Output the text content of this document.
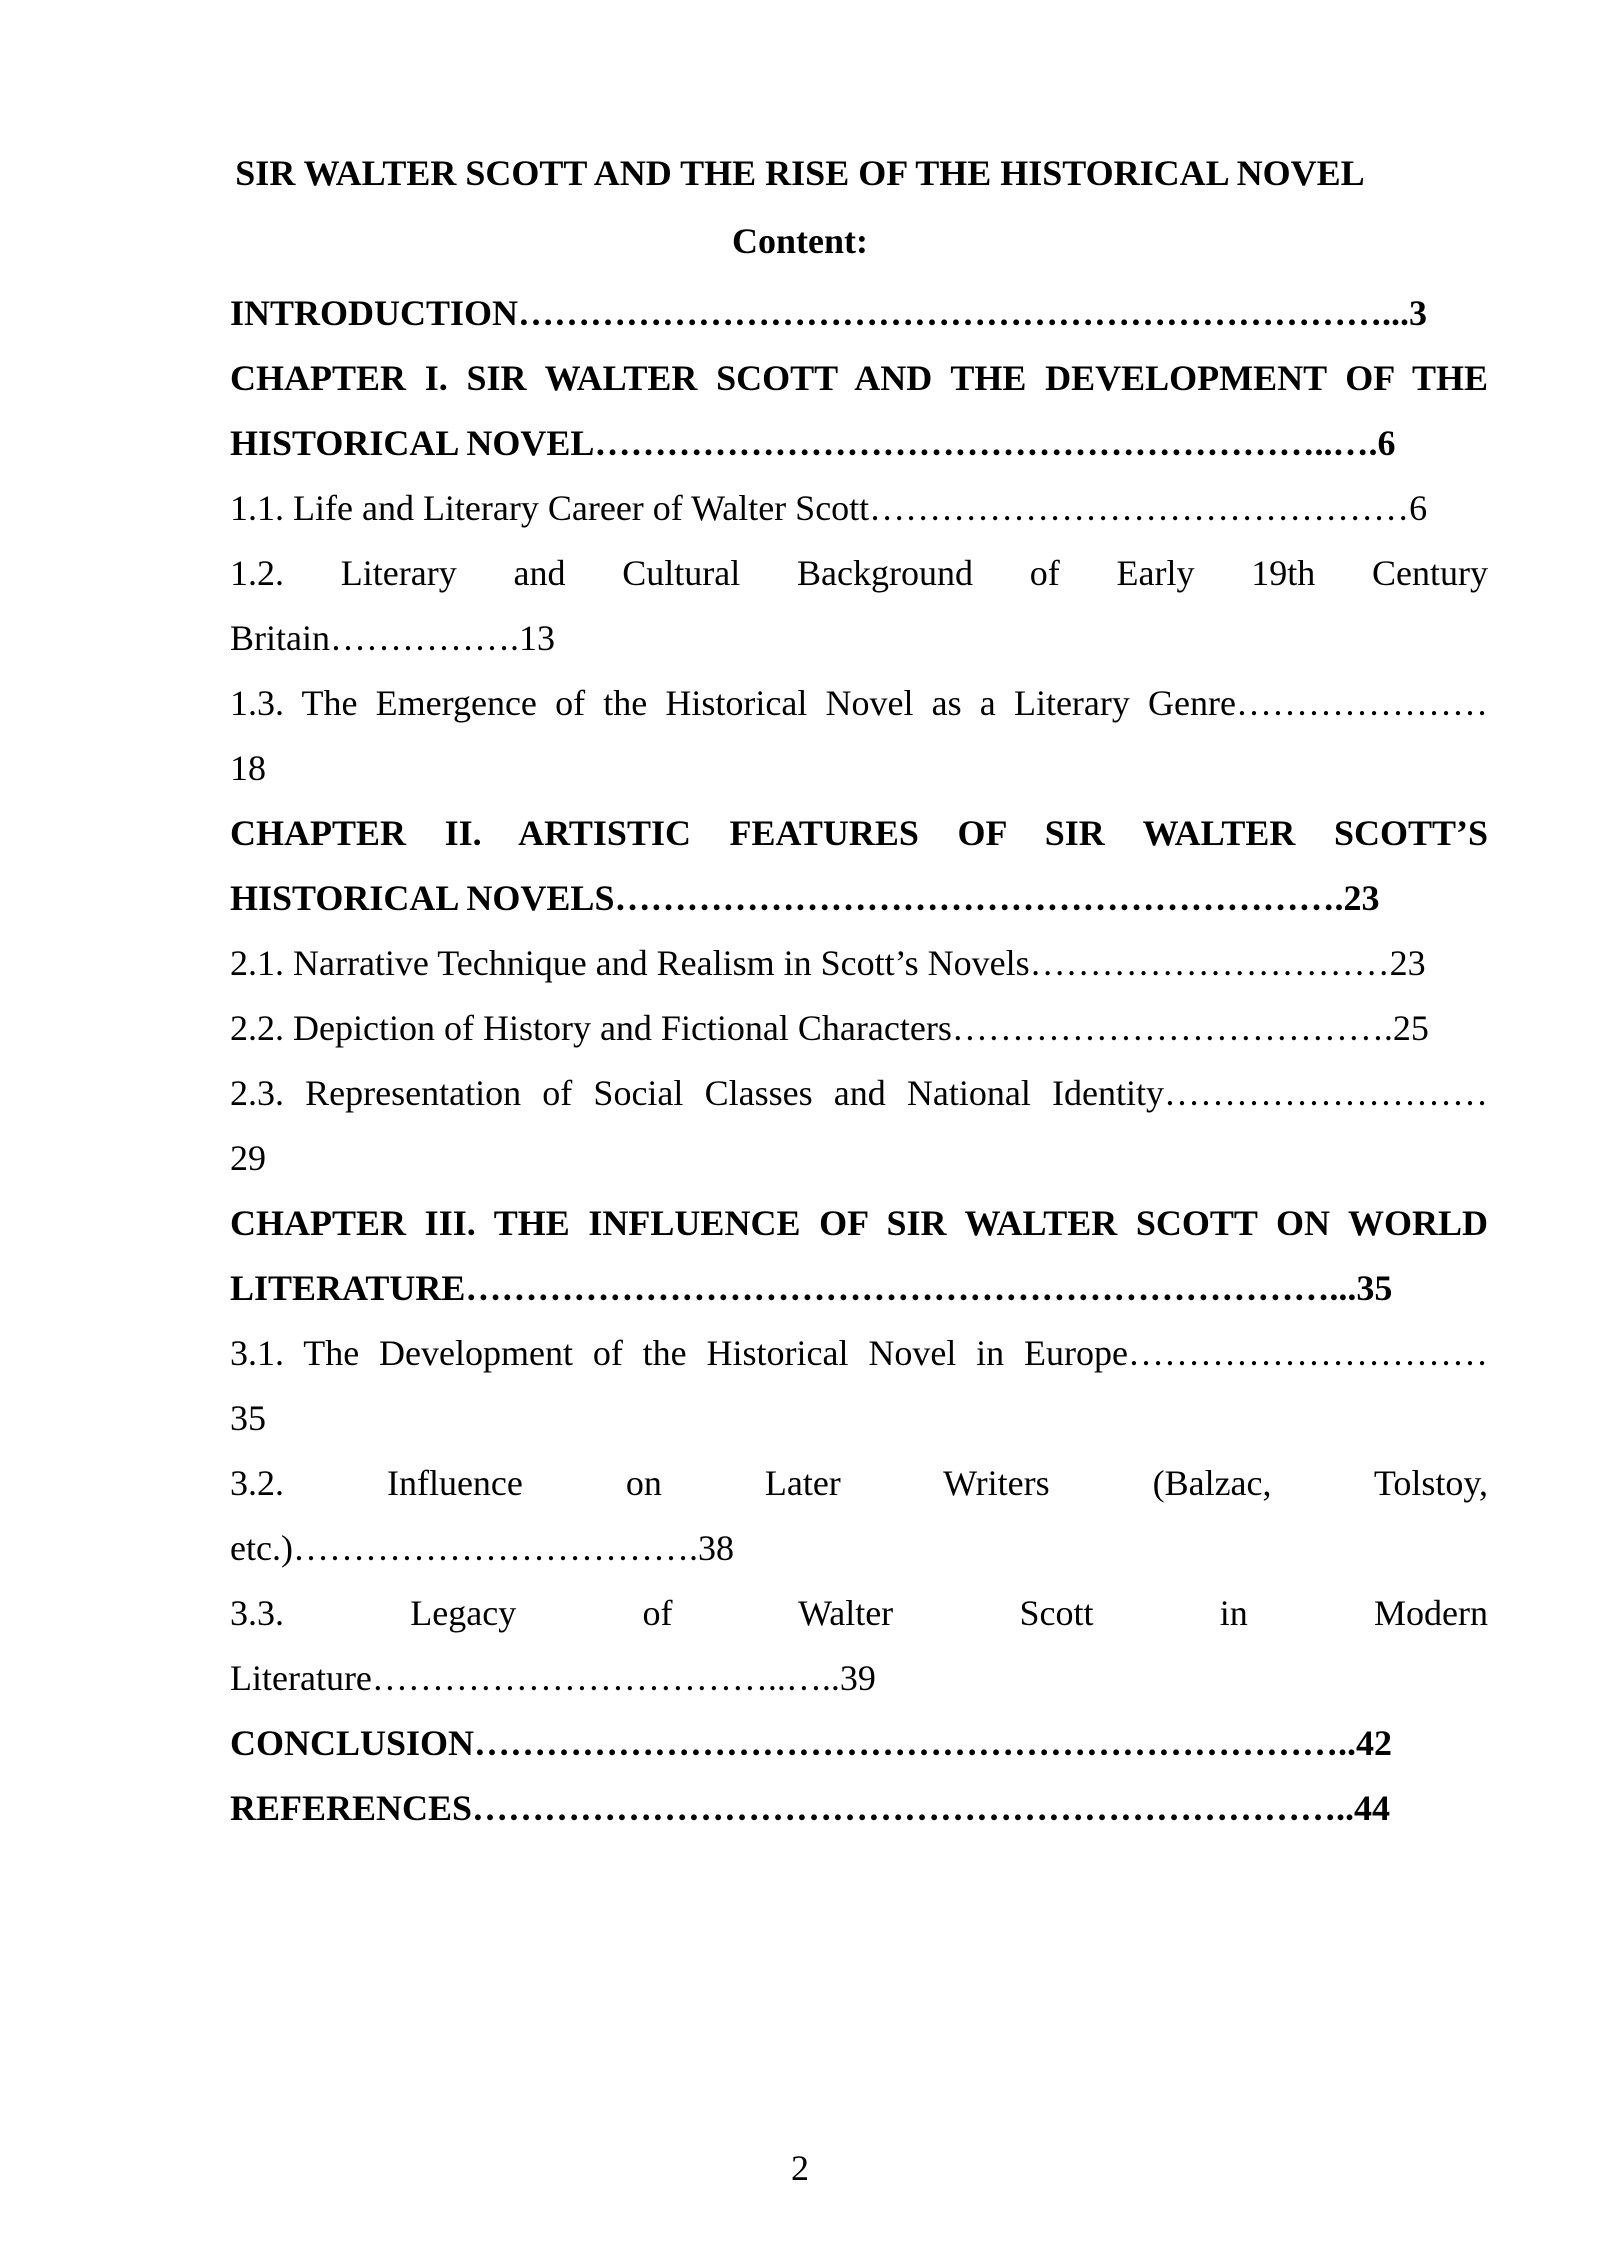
SIR WALTER SCOTT AND THE RISE OF THE HISTORICAL NOVEL
Content:
INTRODUCTION………………………………………………………………...3
CHAPTER I. SIR WALTER SCOTT AND THE DEVELOPMENT OF THE
HISTORICAL NOVEL……………………………………………………..….6
1.1. Life and Literary Career of Walter Scott………………………………………6
1.2. Literary and Cultural Background of Early 19th Century
Britain…………….13
1.3. The Emergence of the Historical Novel as a Literary Genre…………………
18
CHAPTER II. ARTISTIC FEATURES OF SIR WALTER SCOTT’S
HISTORICAL NOVELS…………………………………………………….23
2.1. Narrative Technique and Realism in Scott’s Novels…………………………23
2.2. Depiction of History and Fictional Characters……………………………….25
2.3. Representation of Social Classes and National Identity………………………
29
CHAPTER III. THE INFLUENCE OF SIR WALTER SCOTT ON WORLD
LITERATURE………………………………………………………………...35
3.1. The Development of the Historical Novel in Europe…………………………
35
3.2. Influence on Later Writers (Balzac, Tolstoy,
etc.)…………………………….38
3.3. Legacy of Walter Scott in Modern
Literature……………………………..…..39
CONCLUSION………………………………………………………………..42
REFERENCES………………………………………………………………..44
2
